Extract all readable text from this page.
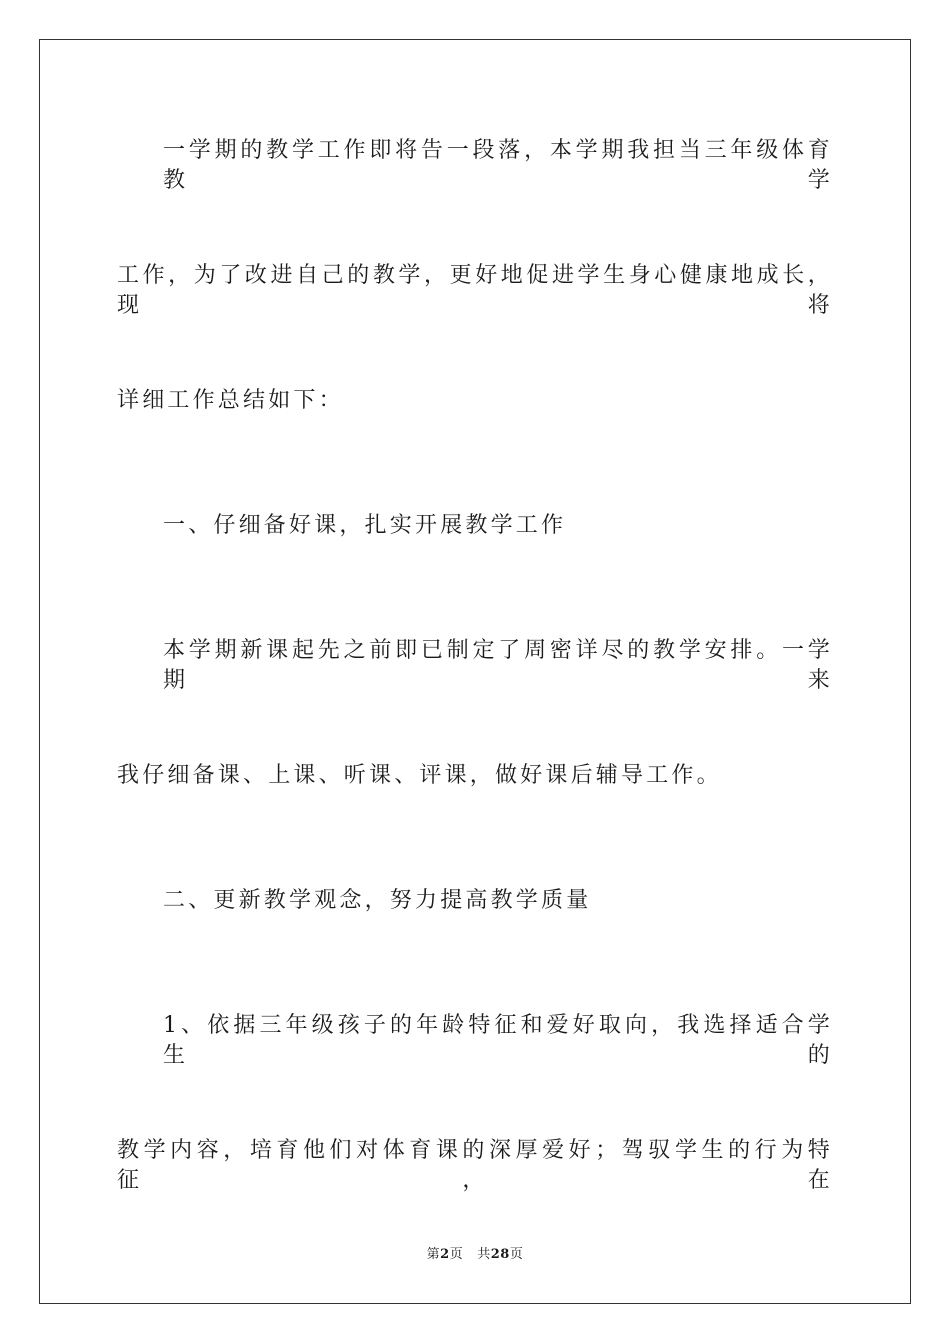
一学期的教学工作即将告一段落，本学期我担当三年级体育教学
工作，为了改进自己的教学，更好地促进学生身心健康地成长，现将
详细工作总结如下：
一、仔细备好课，扎实开展教学工作
本学期新课起先之前即已制定了周密详尽的教学安排。一学期来
我仔细备课、上课、听课、评课，做好课后辅导工作。
二、更新教学观念，努力提高教学质量
1、依据三年级孩子的年龄特征和爱好取向，我选择适合学生的
教学内容，培育他们对体育课的深厚爱好；驾驭学生的行为特征，在
第2页 共28页
